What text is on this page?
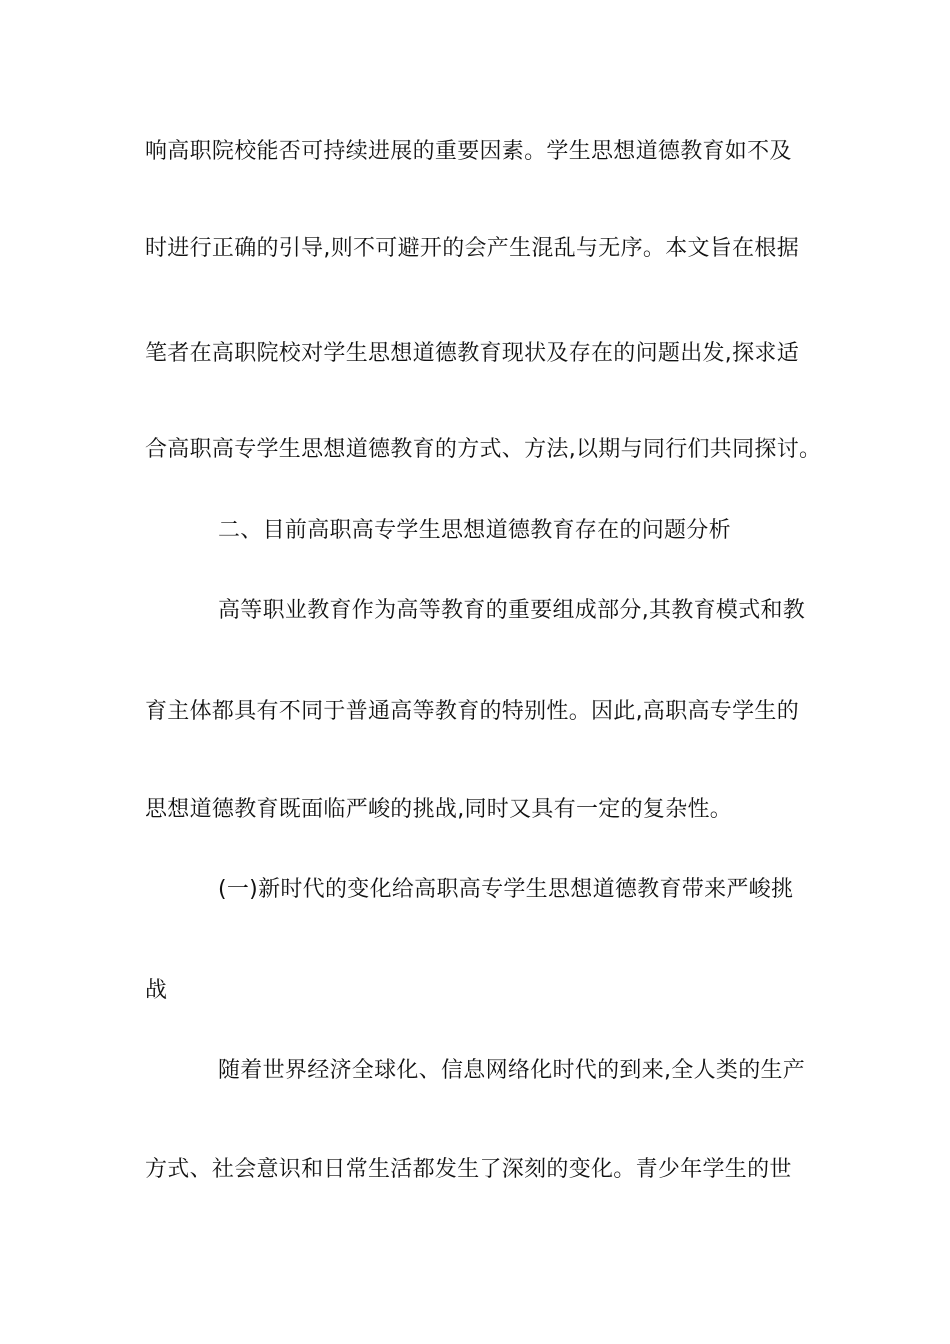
响高职院校能否可持续进展的重要因素。学生思想道德教育如不及
时进行正确的引导,则不可避开的会产生混乱与无序。本文旨在根据
笔者在高职院校对学生思想道德教育现状及存在的问题出发,探求适
合高职高专学生思想道德教育的方式、方法,以期与同行们共同探讨。
二、目前高职高专学生思想道德教育存在的问题分析
高等职业教育作为高等教育的重要组成部分,其教育模式和教
育主体都具有不同于普通高等教育的特别性。因此,高职高专学生的
思想道德教育既面临严峻的挑战,同时又具有一定的复杂性。
(一)新时代的变化给高职高专学生思想道德教育带来严峻挑
战
随着世界经济全球化、信息网络化时代的到来,全人类的生产
方式、社会意识和日常生活都发生了深刻的变化。青少年学生的世
